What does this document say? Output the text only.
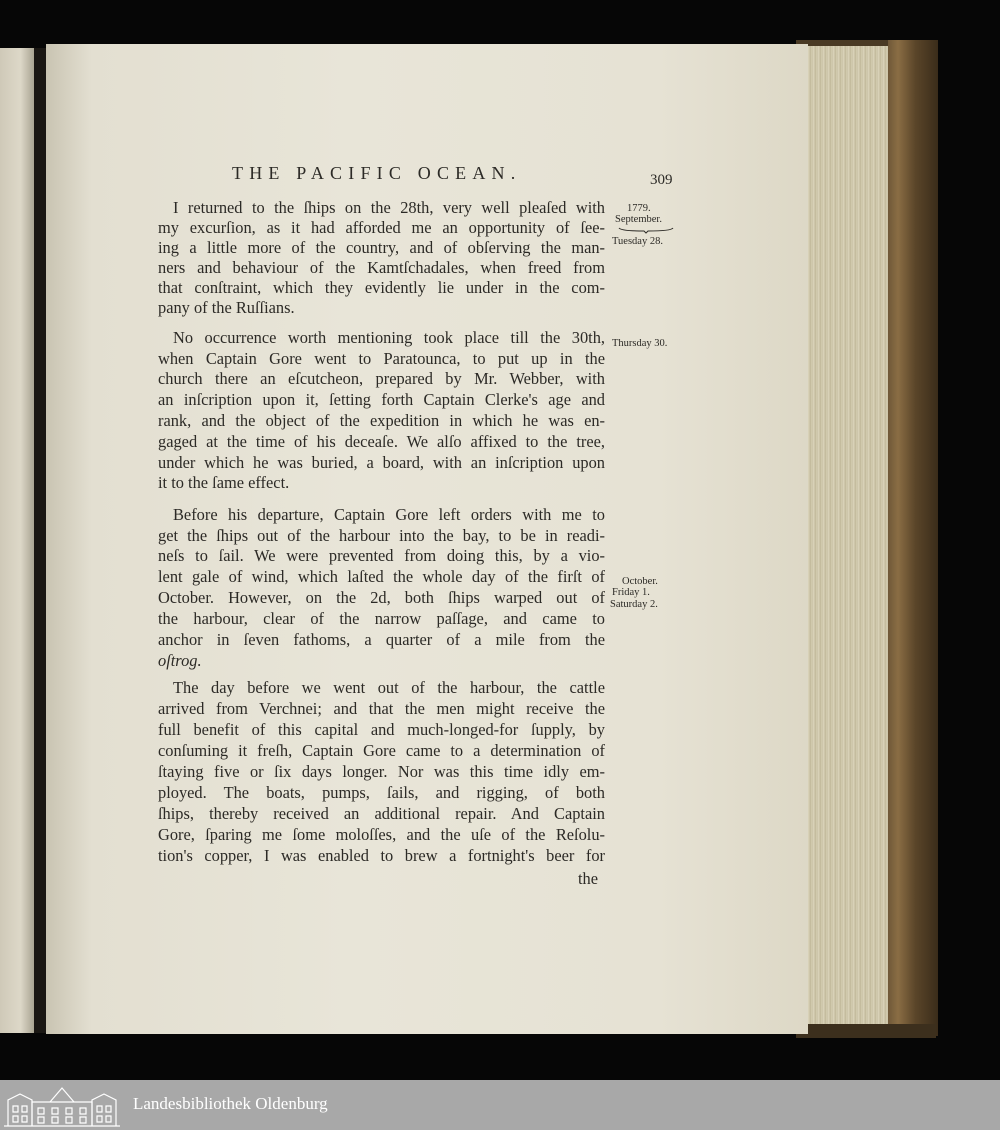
THE PACIFIC OCEAN.	309
1779.
September.
Tuesday 28.
Thursday 30.
October.
Friday 1.
Saturday 2.
I returned to the ſhips on the 28th, very well pleaſed with
my excurſion, as it had afforded me an opportunity of ſee-
ing a little more of the country, and of obſerving the man-
ners and behaviour of the Kamtſchadales, when freed from
that conſtraint, which they evidently lie under in the com-
pany of the Ruſſians.
No occurrence worth mentioning took place till the 30th,
when Captain Gore went to Paratounca, to put up in the
church there an eſcutcheon, prepared by Mr. Webber, with
an inſcription upon it, ſetting forth Captain Clerke's age and
rank, and the object of the expedition in which he was en-
gaged at the time of his deceaſe. We alſo affixed to the tree,
under which he was buried, a board, with an inſcription upon
it to the ſame effect.
Before his departure, Captain Gore left orders with me to
get the ſhips out of the harbour into the bay, to be in readi-
neſs to ſail. We were prevented from doing this, by a vio-
lent gale of wind, which laſted the whole day of the firſt of
October. However, on the 2d, both ſhips warped out of
the harbour, clear of the narrow paſſage, and came to
anchor in ſeven fathoms, a quarter of a mile from the
oſtrog.
The day before we went out of the harbour, the cattle
arrived from Verchnei; and that the men might receive the
full benefit of this capital and much-longed-for ſupply, by
conſuming it freſh, Captain Gore came to a determination of
ſtaying five or ſix days longer. Nor was this time idly em-
ployed. The boats, pumps, ſails, and rigging, of both
ſhips, thereby received an additional repair. And Captain
Gore, ſparing me ſome moloſſes, and the uſe of the Reſolu-
tion's copper, I was enabled to brew a fortnight's beer for
the
Landesbibliothek Oldenburg
